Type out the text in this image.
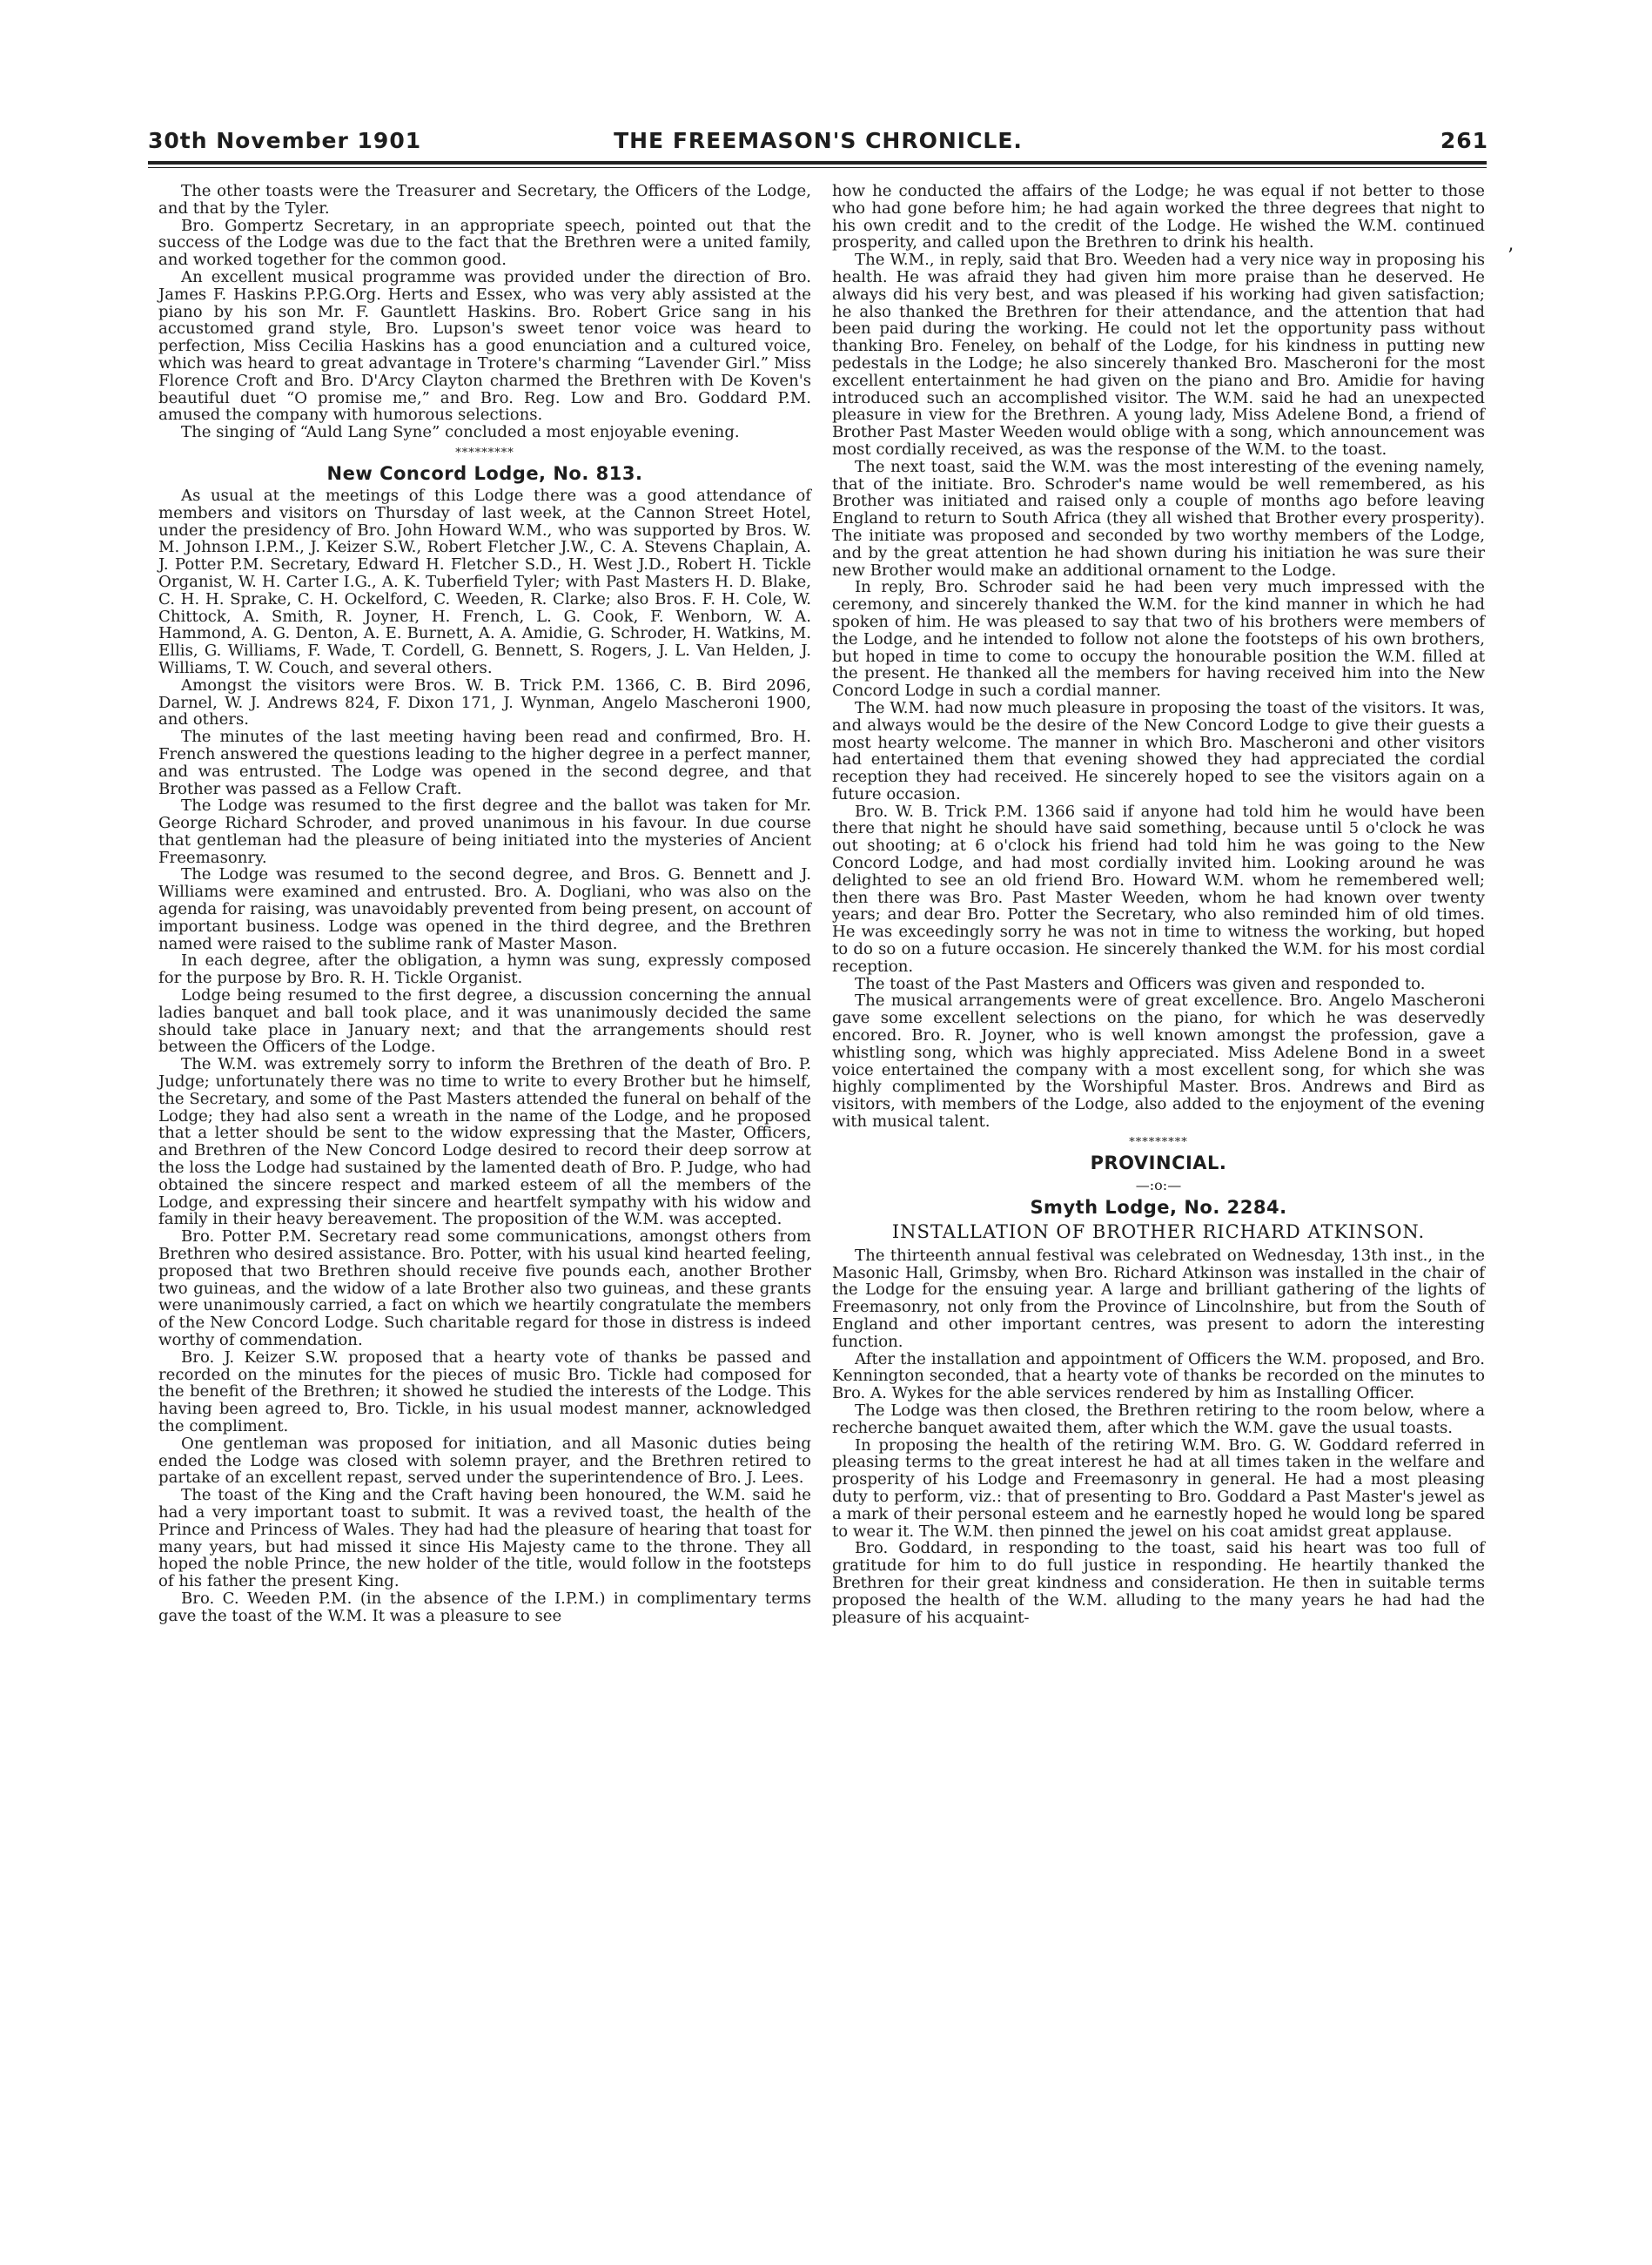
30th November 1901	THE FREEMASON'S CHRONICLE.	261
’

The other toasts were the Treasurer and Secretary, the Officers of the Lodge, and that by the Tyler.

Bro. Gompertz Secretary, in an appropriate speech, pointed out that the success of the Lodge was due to the fact that the Brethren were a united family, and worked together for the common good.

An excellent musical programme was provided under the direction of Bro. James F. Haskins P.P.G.Org. Herts and Essex, who was very ably assisted at the piano by his son Mr. F. Gauntlett Haskins. Bro. Robert Grice sang in his accustomed grand style, Bro. Lupson's sweet tenor voice was heard to perfection, Miss Cecilia Haskins has a good enunciation and a cultured voice, which was heard to great advantage in Trotere's charming “Lavender Girl.” Miss Florence Croft and Bro. D'Arcy Clayton charmed the Brethren with De Koven's beautiful duet “O promise me,” and Bro. Reg. Low and Bro. Goddard P.M. amused the company with humorous selections.

The singing of “Auld Lang Syne” concluded a most enjoyable evening.

*********
New Concord Lodge, No. 813.

As usual at the meetings of this Lodge there was a good attendance of members and visitors on Thursday of last week, at the Cannon Street Hotel, under the presidency of Bro. John Howard W.M., who was supported by Bros. W. M. Johnson I.P.M., J. Keizer S.W., Robert Fletcher J.W., C. A. Stevens Chaplain, A. J. Potter P.M. Secretary, Edward H. Fletcher S.D., H. West J.D., Robert H. Tickle Organist, W. H. Carter I.G., A. K. Tuberfield Tyler; with Past Masters H. D. Blake, C. H. H. Sprake, C. H. Ockelford, C. Weeden, R. Clarke; also Bros. F. H. Cole, W. Chittock, A. Smith, R. Joyner, H. French, L. G. Cook, F. Wenborn, W. A. Hammond, A. G. Denton, A. E. Burnett, A. A. Amidie, G. Schroder, H. Watkins, M. Ellis, G. Williams, F. Wade, T. Cordell, G. Bennett, S. Rogers, J. L. Van Helden, J. Williams, T. W. Couch, and several others.

Amongst the visitors were Bros. W. B. Trick P.M. 1366, C. B. Bird 2096, Darnel, W. J. Andrews 824, F. Dixon 171, J. Wynman, Angelo Mascheroni 1900, and others.

The minutes of the last meeting having been read and confirmed, Bro. H. French answered the questions leading to the higher degree in a perfect manner, and was entrusted. The Lodge was opened in the second degree, and that Brother was passed as a Fellow Craft.

The Lodge was resumed to the first degree and the ballot was taken for Mr. George Richard Schroder, and proved unanimous in his favour. In due course that gentleman had the pleasure of being initiated into the mysteries of Ancient Freemasonry.

The Lodge was resumed to the second degree, and Bros. G. Bennett and J. Williams were examined and entrusted. Bro. A. Dogliani, who was also on the agenda for raising, was unavoidably prevented from being present, on account of important business. Lodge was opened in the third degree, and the Brethren named were raised to the sublime rank of Master Mason.

In each degree, after the obligation, a hymn was sung, expressly composed for the purpose by Bro. R. H. Tickle Organist.

Lodge being resumed to the first degree, a discussion concerning the annual ladies banquet and ball took place, and it was unanimously decided the same should take place in January next; and that the arrangements should rest between the Officers of the Lodge.

The W.M. was extremely sorry to inform the Brethren of the death of Bro. P. Judge; unfortunately there was no time to write to every Brother but he himself, the Secretary, and some of the Past Masters attended the funeral on behalf of the Lodge; they had also sent a wreath in the name of the Lodge, and he proposed that a letter should be sent to the widow expressing that the Master, Officers, and Brethren of the New Concord Lodge desired to record their deep sorrow at the loss the Lodge had sustained by the lamented death of Bro. P. Judge, who had obtained the sincere respect and marked esteem of all the members of the Lodge, and expressing their sincere and heartfelt sympathy with his widow and family in their heavy bereavement. The proposition of the W.M. was accepted.

Bro. Potter P.M. Secretary read some communications, amongst others from Brethren who desired assistance. Bro. Potter, with his usual kind hearted feeling, proposed that two Brethren should receive five pounds each, another Brother two guineas, and the widow of a late Brother also two guineas, and these grants were unanimously carried, a fact on which we heartily congratulate the members of the New Concord Lodge. Such charitable regard for those in distress is indeed worthy of commendation.

Bro. J. Keizer S.W. proposed that a hearty vote of thanks be passed and recorded on the minutes for the pieces of music Bro. Tickle had composed for the benefit of the Brethren; it showed he studied the interests of the Lodge. This having been agreed to, Bro. Tickle, in his usual modest manner, acknowledged the compliment.

One gentleman was proposed for initiation, and all Masonic duties being ended the Lodge was closed with solemn prayer, and the Brethren retired to partake of an excellent repast, served under the superintendence of Bro. J. Lees.

The toast of the King and the Craft having been honoured, the W.M. said he had a very important toast to submit. It was a revived toast, the health of the Prince and Princess of Wales. They had had the pleasure of hearing that toast for many years, but had missed it since His Majesty came to the throne. They all hoped the noble Prince, the new holder of the title, would follow in the footsteps of his father the present King.

Bro. C. Weeden P.M. (in the absence of the I.P.M.) in complimentary terms gave the toast of the W.M. It was a pleasure to see

how he conducted the affairs of the Lodge; he was equal if not better to those who had gone before him; he had again worked the three degrees that night to his own credit and to the credit of the Lodge. He wished the W.M. continued prosperity, and called upon the Brethren to drink his health.

The W.M., in reply, said that Bro. Weeden had a very nice way in proposing his health. He was afraid they had given him more praise than he deserved. He always did his very best, and was pleased if his working had given satisfaction; he also thanked the Brethren for their attendance, and the attention that had been paid during the working. He could not let the opportunity pass without thanking Bro. Feneley, on behalf of the Lodge, for his kindness in putting new pedestals in the Lodge; he also sincerely thanked Bro. Mascheroni for the most excellent entertainment he had given on the piano and Bro. Amidie for having introduced such an accomplished visitor. The W.M. said he had an unexpected pleasure in view for the Brethren. A young lady, Miss Adelene Bond, a friend of Brother Past Master Weeden would oblige with a song, which announcement was most cordially received, as was the response of the W.M. to the toast.

The next toast, said the W.M. was the most interesting of the evening namely, that of the initiate. Bro. Schroder's name would be well remembered, as his Brother was initiated and raised only a couple of months ago before leaving England to return to South Africa (they all wished that Brother every prosperity). The initiate was proposed and seconded by two worthy members of the Lodge, and by the great attention he had shown during his initiation he was sure their new Brother would make an additional ornament to the Lodge.

In reply, Bro. Schroder said he had been very much impressed with the ceremony, and sincerely thanked the W.M. for the kind manner in which he had spoken of him. He was pleased to say that two of his brothers were members of the Lodge, and he intended to follow not alone the footsteps of his own brothers, but hoped in time to come to occupy the honourable position the W.M. filled at the present. He thanked all the members for having received him into the New Concord Lodge in such a cordial manner.

The W.M. had now much pleasure in proposing the toast of the visitors. It was, and always would be the desire of the New Concord Lodge to give their guests a most hearty welcome. The manner in which Bro. Mascheroni and other visitors had entertained them that evening showed they had appreciated the cordial reception they had received. He sincerely hoped to see the visitors again on a future occasion.

Bro. W. B. Trick P.M. 1366 said if anyone had told him he would have been there that night he should have said something, because until 5 o'clock he was out shooting; at 6 o'clock his friend had told him he was going to the New Concord Lodge, and had most cordially invited him. Looking around he was delighted to see an old friend Bro. Howard W.M. whom he remembered well; then there was Bro. Past Master Weeden, whom he had known over twenty years; and dear Bro. Potter the Secretary, who also reminded him of old times. He was exceedingly sorry he was not in time to witness the working, but hoped to do so on a future occasion. He sincerely thanked the W.M. for his most cordial reception.

The toast of the Past Masters and Officers was given and responded to.

The musical arrangements were of great excellence. Bro. Angelo Mascheroni gave some excellent selections on the piano, for which he was deservedly encored. Bro. R. Joyner, who is well known amongst the profession, gave a whistling song, which was highly appreciated. Miss Adelene Bond in a sweet voice entertained the company with a most excellent song, for which she was highly complimented by the Worshipful Master. Bros. Andrews and Bird as visitors, with members of the Lodge, also added to the enjoyment of the evening with musical talent.

*********
PROVINCIAL.
—:o:—
Smyth Lodge, No. 2284.
INSTALLATION OF BROTHER RICHARD ATKINSON.

The thirteenth annual festival was celebrated on Wednesday, 13th inst., in the Masonic Hall, Grimsby, when Bro. Richard Atkinson was installed in the chair of the Lodge for the ensuing year. A large and brilliant gathering of the lights of Freemasonry, not only from the Province of Lincolnshire, but from the South of England and other important centres, was present to adorn the interesting function.

After the installation and appointment of Officers the W.M. proposed, and Bro. Kennington seconded, that a hearty vote of thanks be recorded on the minutes to Bro. A. Wykes for the able services rendered by him as Installing Officer.

The Lodge was then closed, the Brethren retiring to the room below, where a recherche banquet awaited them, after which the W.M. gave the usual toasts.

In proposing the health of the retiring W.M. Bro. G. W. Goddard referred in pleasing terms to the great interest he had at all times taken in the welfare and prosperity of his Lodge and Freemasonry in general. He had a most pleasing duty to perform, viz.: that of presenting to Bro. Goddard a Past Master's jewel as a mark of their personal esteem and he earnestly hoped he would long be spared to wear it. The W.M. then pinned the jewel on his coat amidst great applause.

Bro. Goddard, in responding to the toast, said his heart was too full of gratitude for him to do full justice in responding. He heartily thanked the Brethren for their great kindness and consideration. He then in suitable terms proposed the health of the W.M. alluding to the many years he had had the pleasure of his acquaint-
